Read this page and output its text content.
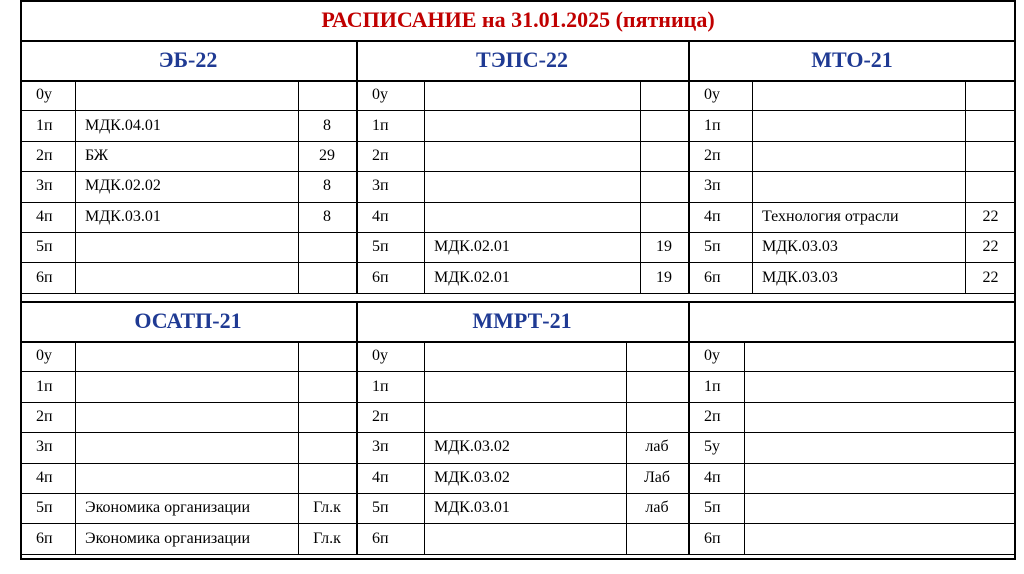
РАСПИСАНИЕ на 31.01.2025 (пятница)
ЭБ-22
0у
1п	МДК.04.01	8
2п	БЖ	29
3п	МДК.02.02	8
4п	МДК.03.01	8
5п
6п
ТЭПС-22
0у
1п
2п
3п
4п
5п	МДК.02.01	19
6п	МДК.02.01	19
МТО-21
0у
1п
2п
3п
4п	Технология отрасли	22
5п	МДК.03.03	22
6п	МДК.03.03	22
ОСАТП-21
0у
1п
2п
3п
4п
5п	Экономика организации	Гл.к
6п	Экономика организации	Гл.к
ММРТ-21
0у
1п
2п
3п	МДК.03.02	лаб
4п	МДК.03.02	Лаб
5п	МДК.03.01	лаб
6п
0у
1п
2п
5у
4п
5п
6п
